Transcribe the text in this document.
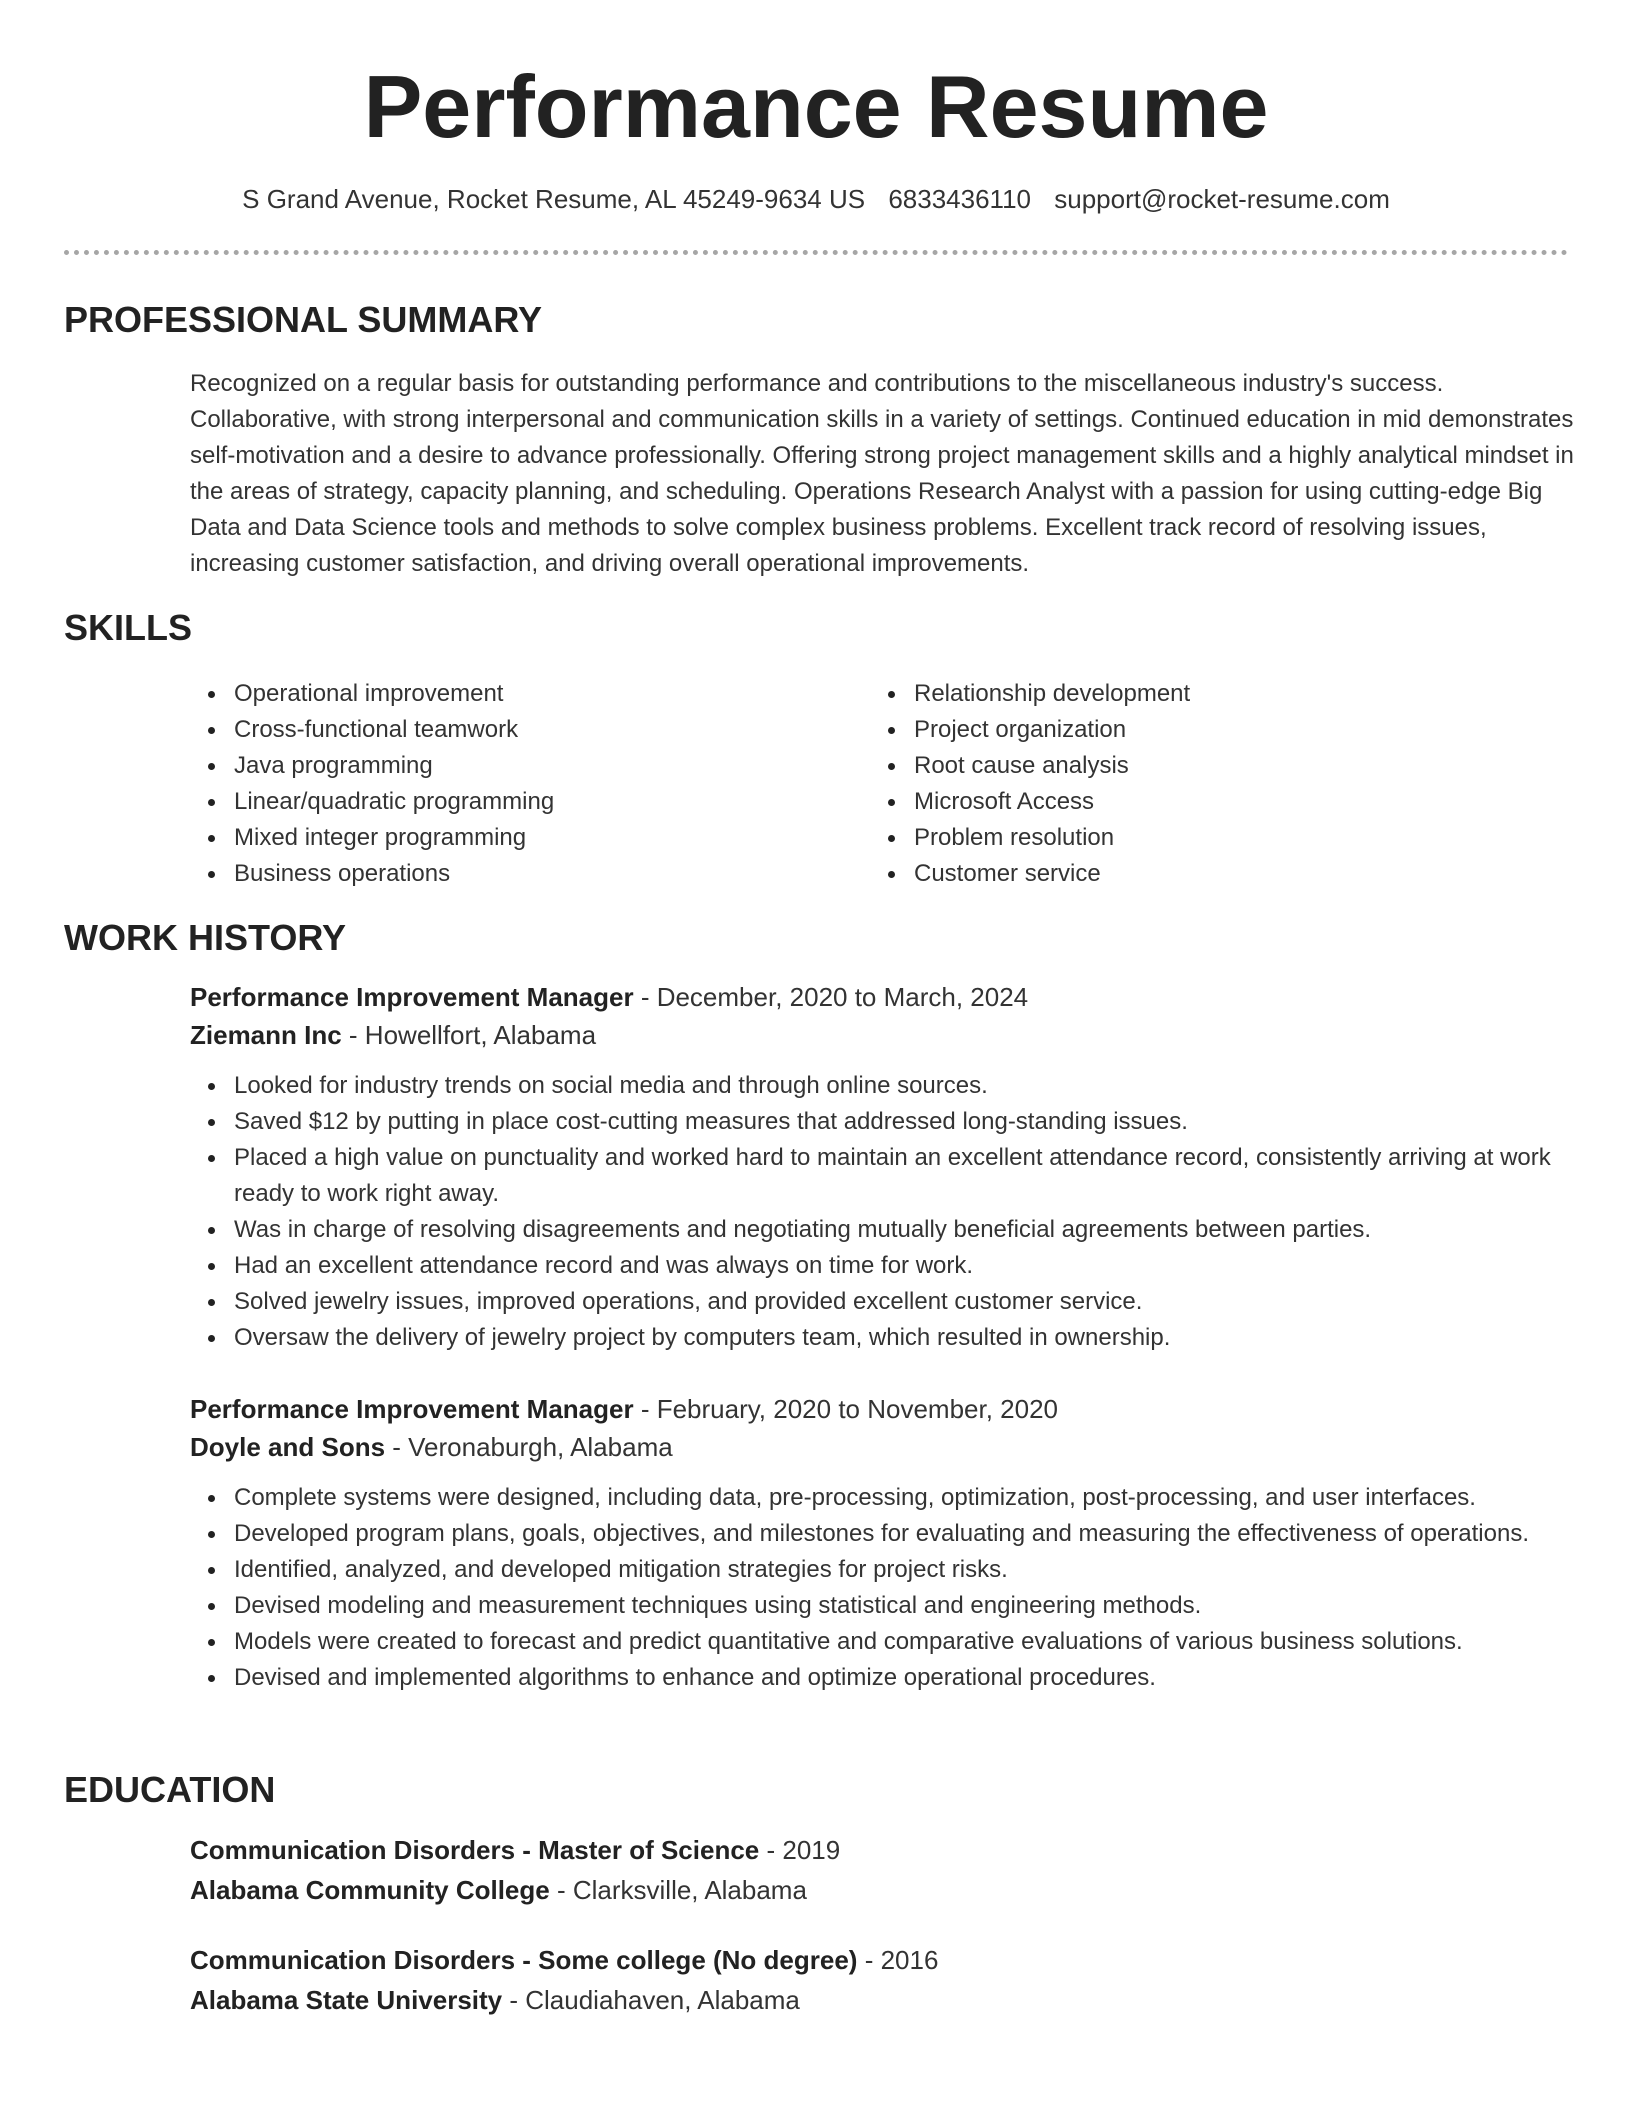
Performance Resume
S Grand Avenue, Rocket Resume, AL 45249-9634 US 6833436110 support@rocket-resume.com
PROFESSIONAL SUMMARY

Recognized on a regular basis for outstanding performance and contributions to the miscellaneous industry's success. Collaborative, with strong interpersonal and communication skills in a variety of settings. Continued education in mid demonstrates self-motivation and a desire to advance professionally. Offering strong project management skills and a highly analytical mindset in the areas of strategy, capacity planning, and scheduling. Operations Research Analyst with a passion for using cutting-edge Big Data and Data Science tools and methods to solve complex business problems. Excellent track record of resolving issues, increasing customer satisfaction, and driving overall operational improvements.

SKILLS
Operational improvement
Cross-functional teamwork
Java programming
Linear/quadratic programming
Mixed integer programming
Business operations
Relationship development
Project organization
Root cause analysis
Microsoft Access
Problem resolution
Customer service
WORK HISTORY
Performance Improvement Manager - December, 2020 to March, 2024
Ziemann Inc - Howellfort, Alabama
Looked for industry trends on social media and through online sources.
Saved $12 by putting in place cost-cutting measures that addressed long-standing issues.
Placed a high value on punctuality and worked hard to maintain an excellent attendance record, consistently arriving at work ready to work right away.
Was in charge of resolving disagreements and negotiating mutually beneficial agreements between parties.
Had an excellent attendance record and was always on time for work.
Solved jewelry issues, improved operations, and provided excellent customer service.
Oversaw the delivery of jewelry project by computers team, which resulted in ownership.
Performance Improvement Manager - February, 2020 to November, 2020
Doyle and Sons - Veronaburgh, Alabama
Complete systems were designed, including data, pre-processing, optimization, post-processing, and user interfaces.
Developed program plans, goals, objectives, and milestones for evaluating and measuring the effectiveness of operations.
Identified, analyzed, and developed mitigation strategies for project risks.
Devised modeling and measurement techniques using statistical and engineering methods.
Models were created to forecast and predict quantitative and comparative evaluations of various business solutions.
Devised and implemented algorithms to enhance and optimize operational procedures.
EDUCATION
Communication Disorders - Master of Science - 2019
Alabama Community College - Clarksville, Alabama
Communication Disorders - Some college (No degree) - 2016
Alabama State University - Claudiahaven, Alabama
